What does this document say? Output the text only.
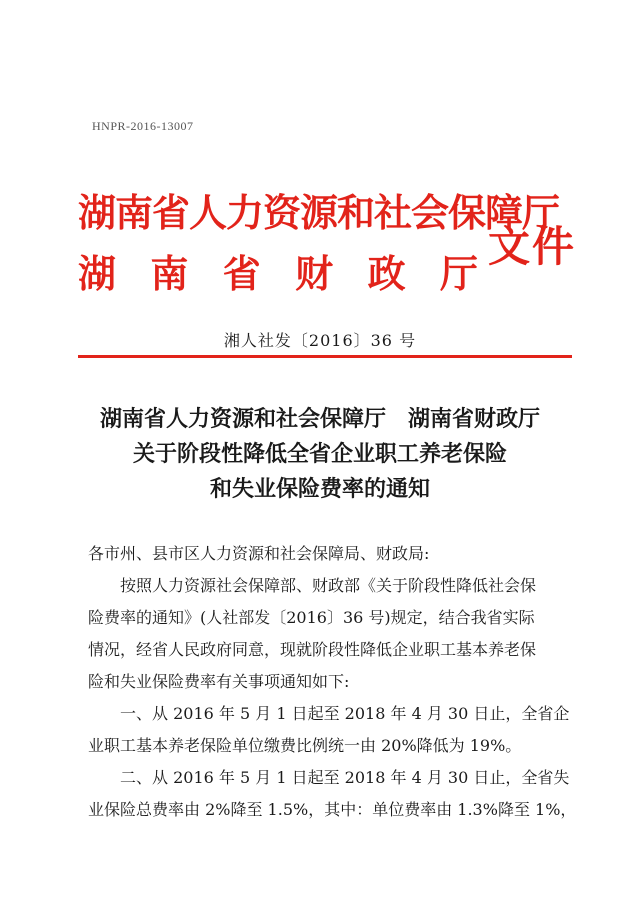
HNPR-2016-13007
湖南省人力资源和社会保障厅
湖 南 省 财 政 厅
文件
湘人社发〔2016〕36 号
湖南省人力资源和社会保障厅　湖南省财政厅
关于阶段性降低全省企业职工养老保险
和失业保险费率的通知

各市州、县市区人力资源和社会保障局、财政局:

按照人力资源社会保障部、财政部《关于阶段性降低社会保

险费率的通知》(人社部发〔2016〕36 号)规定，结合我省实际

情况，经省人民政府同意，现就阶段性降低企业职工基本养老保

险和失业保险费率有关事项通知如下:

一、从 2016 年 5 月 1 日起至 2018 年 4 月 30 日止，全省企

业职工基本养老保险单位缴费比例统一由 20%降低为 19%。

二、从 2016 年 5 月 1 日起至 2018 年 4 月 30 日止，全省失

业保险总费率由 2%降至 1.5%，其中：单位费率由 1.3%降至 1%，
